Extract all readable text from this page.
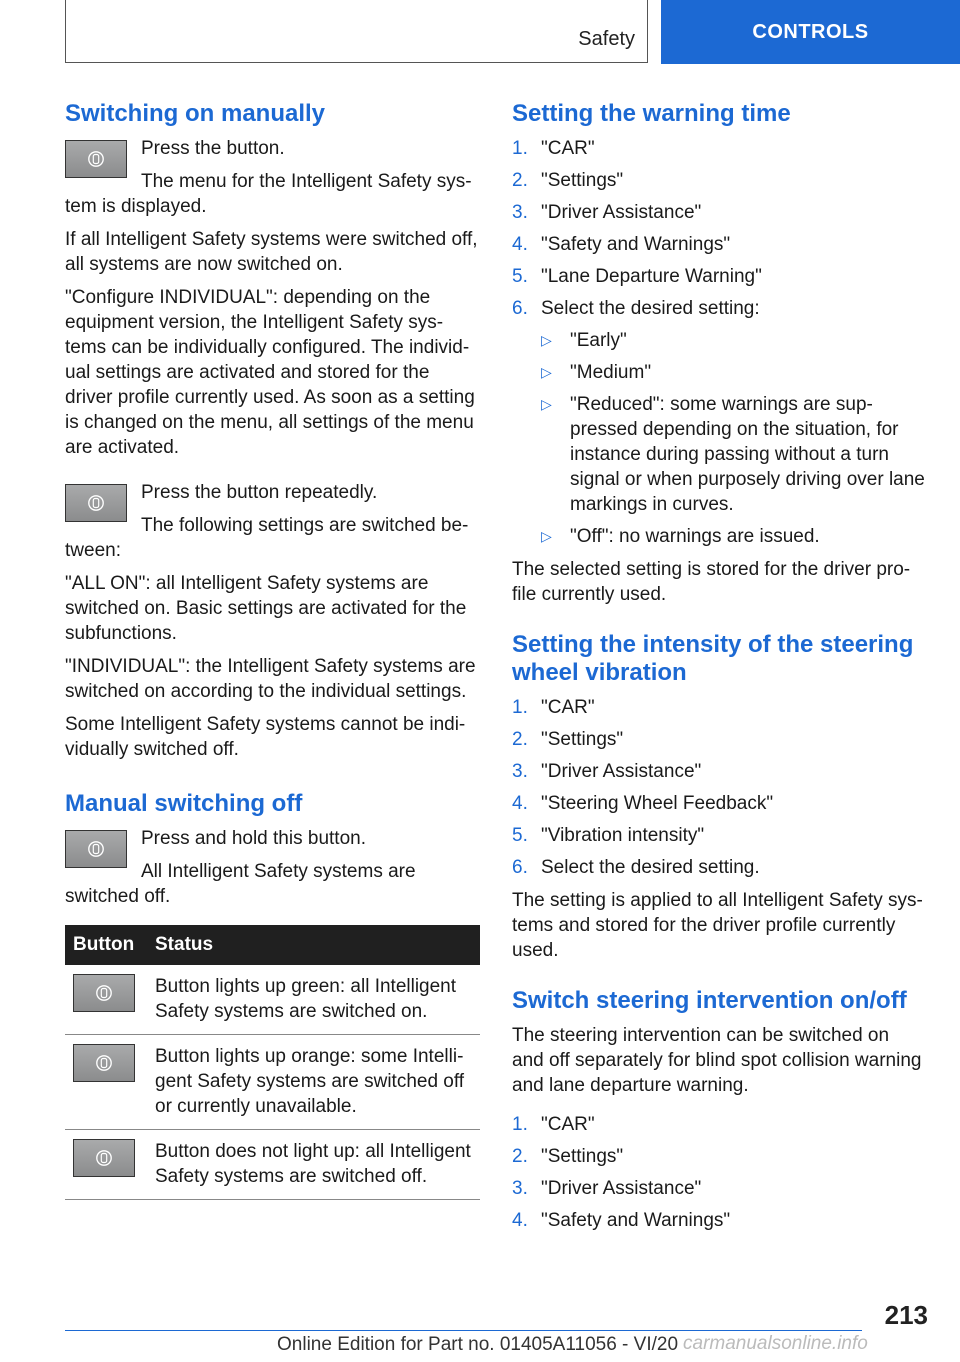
Safety	CONTROLS
Switching on manually

Press the button.

The menu for the Intelligent Safety sys-tem is displayed.

If all Intelligent Safety systems were switched off, all systems are now switched on.

"Configure INDIVIDUAL": depending on the equipment version, the Intelligent Safety sys-tems can be individually configured. The individ-ual settings are activated and stored for the driver profile currently used. As soon as a setting is changed on the menu, all settings of the menu are activated.

Press the button repeatedly.

The following settings are switched be-tween:

"ALL ON": all Intelligent Safety systems are switched on. Basic settings are activated for the subfunctions.

"INDIVIDUAL": the Intelligent Safety systems are switched on according to the individual settings.

Some Intelligent Safety systems cannot be indi-vidually switched off.

Manual switching off

Press and hold this button.

All Intelligent Safety systems are switched off.

Button	Status

	Button lights up green: all Intelligent Safety systems are switched on.

	Button lights up orange: some Intelli-gent Safety systems are switched off or currently unavailable.

	Button does not light up: all Intelligent Safety systems are switched off.
Setting the warning time
1. "CAR"
2. "Settings"
3. "Driver Assistance"
4. "Safety and Warnings"
5. "Lane Departure Warning"
6. Select the desired setting:
▷ "Early"
▷ "Medium"
▷ "Reduced": some warnings are sup-pressed depending on the situation, for instance during passing without a turn signal or when purposely driving over lane markings in curves.
▷ "Off": no warnings are issued.

The selected setting is stored for the driver pro-file currently used.

Setting the intensity of the steering wheel vibration
1. "CAR"
2. "Settings"
3. "Driver Assistance"
4. "Steering Wheel Feedback"
5. "Vibration intensity"
6. Select the desired setting.

The setting is applied to all Intelligent Safety sys-tems and stored for the driver profile currently used.

Switch steering intervention on/off

The steering intervention can be switched on and off separately for blind spot collision warning and lane departure warning.

1. "CAR"
2. "Settings"
3. "Driver Assistance"
4. "Safety and Warnings"
213
Online Edition for Part no. 01405A11056 - VI/20 carmanualsonline.info
